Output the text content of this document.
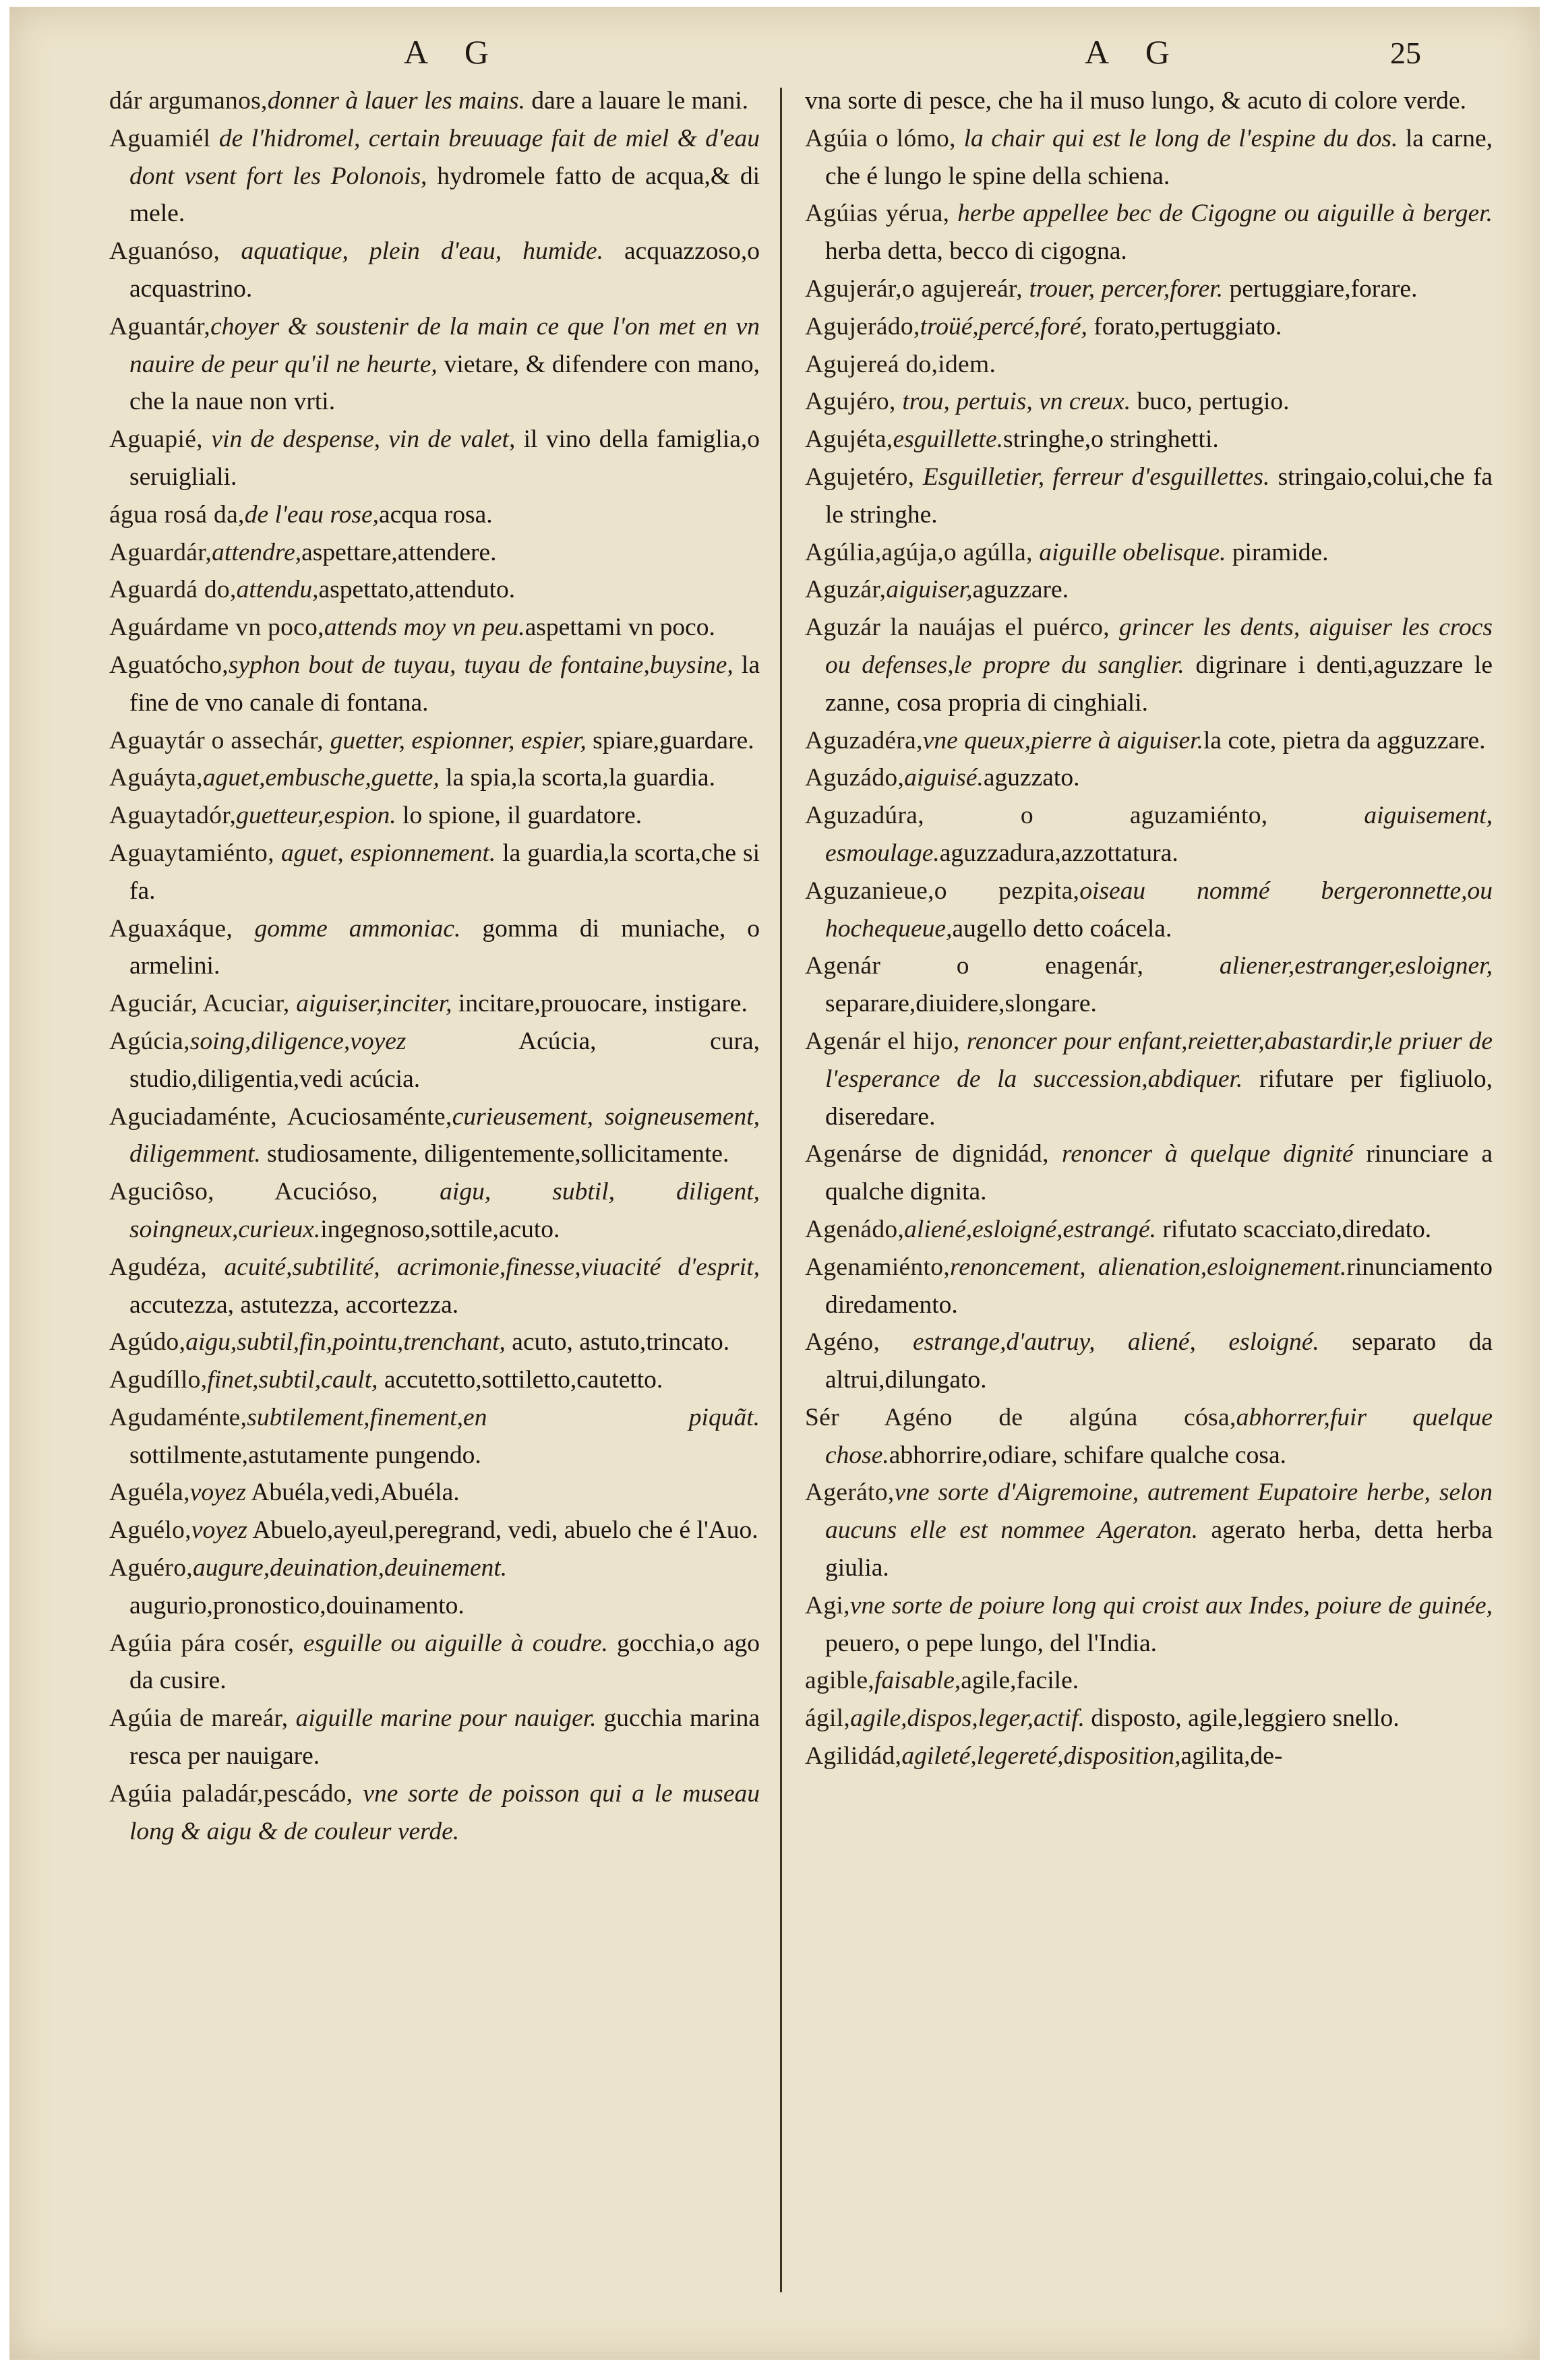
A G	A G	25
dár argumanos,donner à lauer les mains. dare a lauare le mani.
Aguamiél de l'hidromel, certain breuuage fait de miel & d'eau dont vsent fort les Polonois, hydromele fatto de acqua,& di mele.
Aguanóso, aquatique, plein d'eau, humide. acquazzoso,o acquastrino.
Aguantár,choyer & soustenir de la main ce que l'on met en vn nauire de peur qu'il ne heurte, vietare, & difendere con mano, che la naue non vrti.
Aguapié, vin de despense, vin de valet, il vino della famiglia,o seruigliali.
água rosá da,de l'eau rose,acqua rosa.
Aguardár,attendre,aspettare,attendere.
Aguardá do,attendu,aspettato,attenduto.
Aguárdame vn poco,attends moy vn peu.aspettami vn poco.
Aguatócho,syphon bout de tuyau, tuyau de fontaine,buysine, la fine de vno canale di fontana.
Aguaytár o assechár, guetter, espionner, espier, spiare,guardare.
Aguáyta,aguet,embusche,guette, la spia,la scorta,la guardia.
Aguaytadór,guetteur,espion. lo spione, il guardatore.
Aguaytamiénto, aguet, espionnement. la guardia,la scorta,che si fa.
Aguaxáque, gomme ammoniac. gomma di muniache, o armelini.
Aguciár, Acuciar, aiguiser,inciter, incitare,prouocare, instigare.
Agúcia,soing,diligence,voyez Acúcia, cura, studio,diligentia,vedi acúcia.
Aguciadaménte, Acuciosaménte,curieusement, soigneusement, diligemment. studiosamente, diligentemente,sollicitamente.
Aguciôso, Acucióso, aigu, subtil, diligent, soingneux,curieux.ingegnoso,sottile,acuto.
Agudéza, acuité,subtilité, acrimonie,finesse,viuacité d'esprit, accutezza, astutezza, accortezza.
Agúdo,aigu,subtil,fin,pointu,trenchant, acuto, astuto,trincato.
Agudíllo,finet,subtil,cault, accutetto,sottiletto,cautetto.
Agudaménte,subtilement,finement,en piquãt. sottilmente,astutamente pungendo.
Aguéla,voyez Abuéla,vedi,Abuéla.
Aguélo,voyez Abuelo,ayeul,peregrand, vedi, abuelo che é l'Auo.
Aguéro,augure,deuination,deuinement. augurio,pronostico,douinamento.
Agúia pára cosér, esguille ou aiguille à coudre. gocchia,o ago da cusire.
Agúia de mareár, aiguille marine pour nauiger. gucchia marina resca per nauigare.
Agúia paladár,pescádo, vne sorte de poisson qui a le museau long & aigu & de couleur verde.
vna sorte di pesce, che ha il muso lungo, & acuto di colore verde.
Agúia o lómo, la chair qui est le long de l'espine du dos. la carne, che é lungo le spine della schiena.
Agúias yérua, herbe appellee bec de Cigogne ou aiguille à berger. herba detta, becco di cigogna.
Agujerár,o agujereár, trouer, percer,forer. pertuggiare,forare.
Agujerádo,troüé,percé,foré, forato,pertuggiato.
Agujereá do,idem.
Agujéro, trou, pertuis, vn creux. buco, pertugio.
Agujéta,esguillette.stringhe,o stringhetti.
Agujetéro, Esguilletier, ferreur d'esguillettes. stringaio,colui,che fa le stringhe.
Agúlia,agúja,o agúlla, aiguille obelisque. piramide.
Aguzár,aiguiser,aguzzare.
Aguzár la nauájas el puérco, grincer les dents, aiguiser les crocs ou defenses,le propre du sanglier. digrinare i denti,aguzzare le zanne, cosa propria di cinghiali.
Aguzadéra,vne queux,pierre à aiguiser.la cote, pietra da agguzzare.
Aguzádo,aiguisé.aguzzato.
Aguzadúra, o aguzamiénto, aiguisement, esmoulage.aguzzadura,azzottatura.
Aguzanieue,o pezpita,oiseau nommé bergeronnette,ou hochequeue,augello detto coácela.
Agenár o enagenár, aliener,estranger,esloigner, separare,diuidere,slongare.
Agenár el hijo, renoncer pour enfant,reietter,abastardir,le priuer de l'esperance de la succession,abdiquer. rifutare per figliuolo, diseredare.
Agenárse de dignidád, renoncer à quelque dignité rinunciare a qualche dignita.
Agenádo,aliené,esloigné,estrangé. rifutato scacciato,diredato.
Agenamiénto,renoncement, alienation,esloignement.rinunciamento diredamento.
Agéno, estrange,d'autruy, aliené, esloigné. separato da altrui,dilungato.
Sér Agéno de algúna cósa,abhorrer,fuir quelque chose.abhorrire,odiare, schifare qualche cosa.
Ageráto,vne sorte d'Aigremoine, autrement Eupatoire herbe, selon aucuns elle est nommee Ageraton. agerato herba, detta herba giulia.
Agi,vne sorte de poiure long qui croist aux Indes, poiure de guinée, peuero, o pepe lungo, del l'India.
agible,faisable,agile,facile.
ágil,agile,dispos,leger,actif. disposto, agile,leggiero snello.
Agilidád,agileté,legereté,disposition,agilita,de-
